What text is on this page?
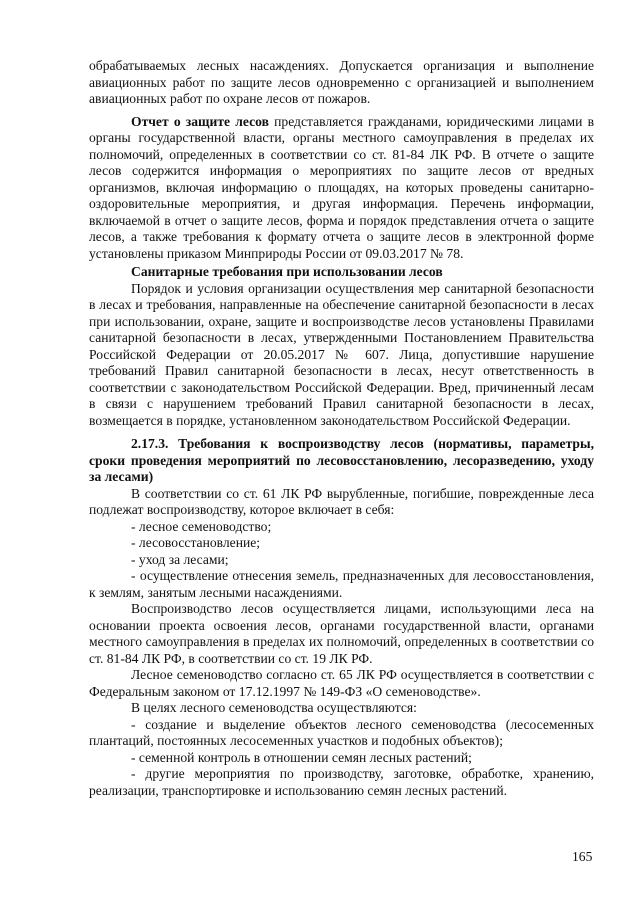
обрабатываемых лесных насаждениях. Допускается организация и выполнение авиационных работ по защите лесов одновременно с организацией и выполнением авиационных работ по охране лесов от пожаров.

Отчет о защите лесов представляется гражданами, юридическими лицами в органы государственной власти, органы местного самоуправления в пределах их полномочий, определенных в соответствии со ст. 81-84 ЛК РФ. В отчете о защите лесов содержится информация о мероприятиях по защите лесов от вредных организмов, включая информацию о площадях, на которых проведены санитарно-оздоровительные мероприятия, и другая информация. Перечень информации, включаемой в отчет о защите лесов, форма и порядок представления отчета о защите лесов, а также требования к формату отчета о защите лесов в электронной форме установлены приказом Минприроды России от 09.03.2017 № 78.

Санитарные требования при использовании лесов

Порядок и условия организации осуществления мер санитарной безопасности в лесах и требования, направленные на обеспечение санитарной безопасности в лесах при использовании, охране, защите и воспроизводстве лесов установлены Правилами санитарной безопасности в лесах, утвержденными Постановлением Правительства Российской Федерации от 20.05.2017 № 607. Лица, допустившие нарушение требований Правил санитарной безопасности в лесах, несут ответственность в соответствии с законодательством Российской Федерации. Вред, причиненный лесам в связи с нарушением требований Правил санитарной безопасности в лесах, возмещается в порядке, установленном законодательством Российской Федерации.

2.17.3. Требования к воспроизводству лесов (нормативы, параметры, сроки проведения мероприятий по лесовосстановлению, лесоразведению, уходу за лесами)

В соответствии со ст. 61 ЛК РФ вырубленные, погибшие, поврежденные леса подлежат воспроизводству, которое включает в себя:

- лесное семеноводство;

- лесовосстановление;

- уход за лесами;

- осуществление отнесения земель, предназначенных для лесовосстановления, к землям, занятым лесными насаждениями.

Воспроизводство лесов осуществляется лицами, использующими леса на основании проекта освоения лесов, органами государственной власти, органами местного самоуправления в пределах их полномочий, определенных в соответствии со ст. 81-84 ЛК РФ, в соответствии со ст. 19 ЛК РФ.

Лесное семеноводство согласно ст. 65 ЛК РФ осуществляется в соответствии с Федеральным законом от 17.12.1997 № 149-ФЗ «О семеноводстве».

В целях лесного семеноводства осуществляются:

- создание и выделение объектов лесного семеноводства (лесосеменных плантаций, постоянных лесосеменных участков и подобных объектов);

- семенной контроль в отношении семян лесных растений;

- другие мероприятия по производству, заготовке, обработке, хранению, реализации, транспортировке и использованию семян лесных растений.

165
